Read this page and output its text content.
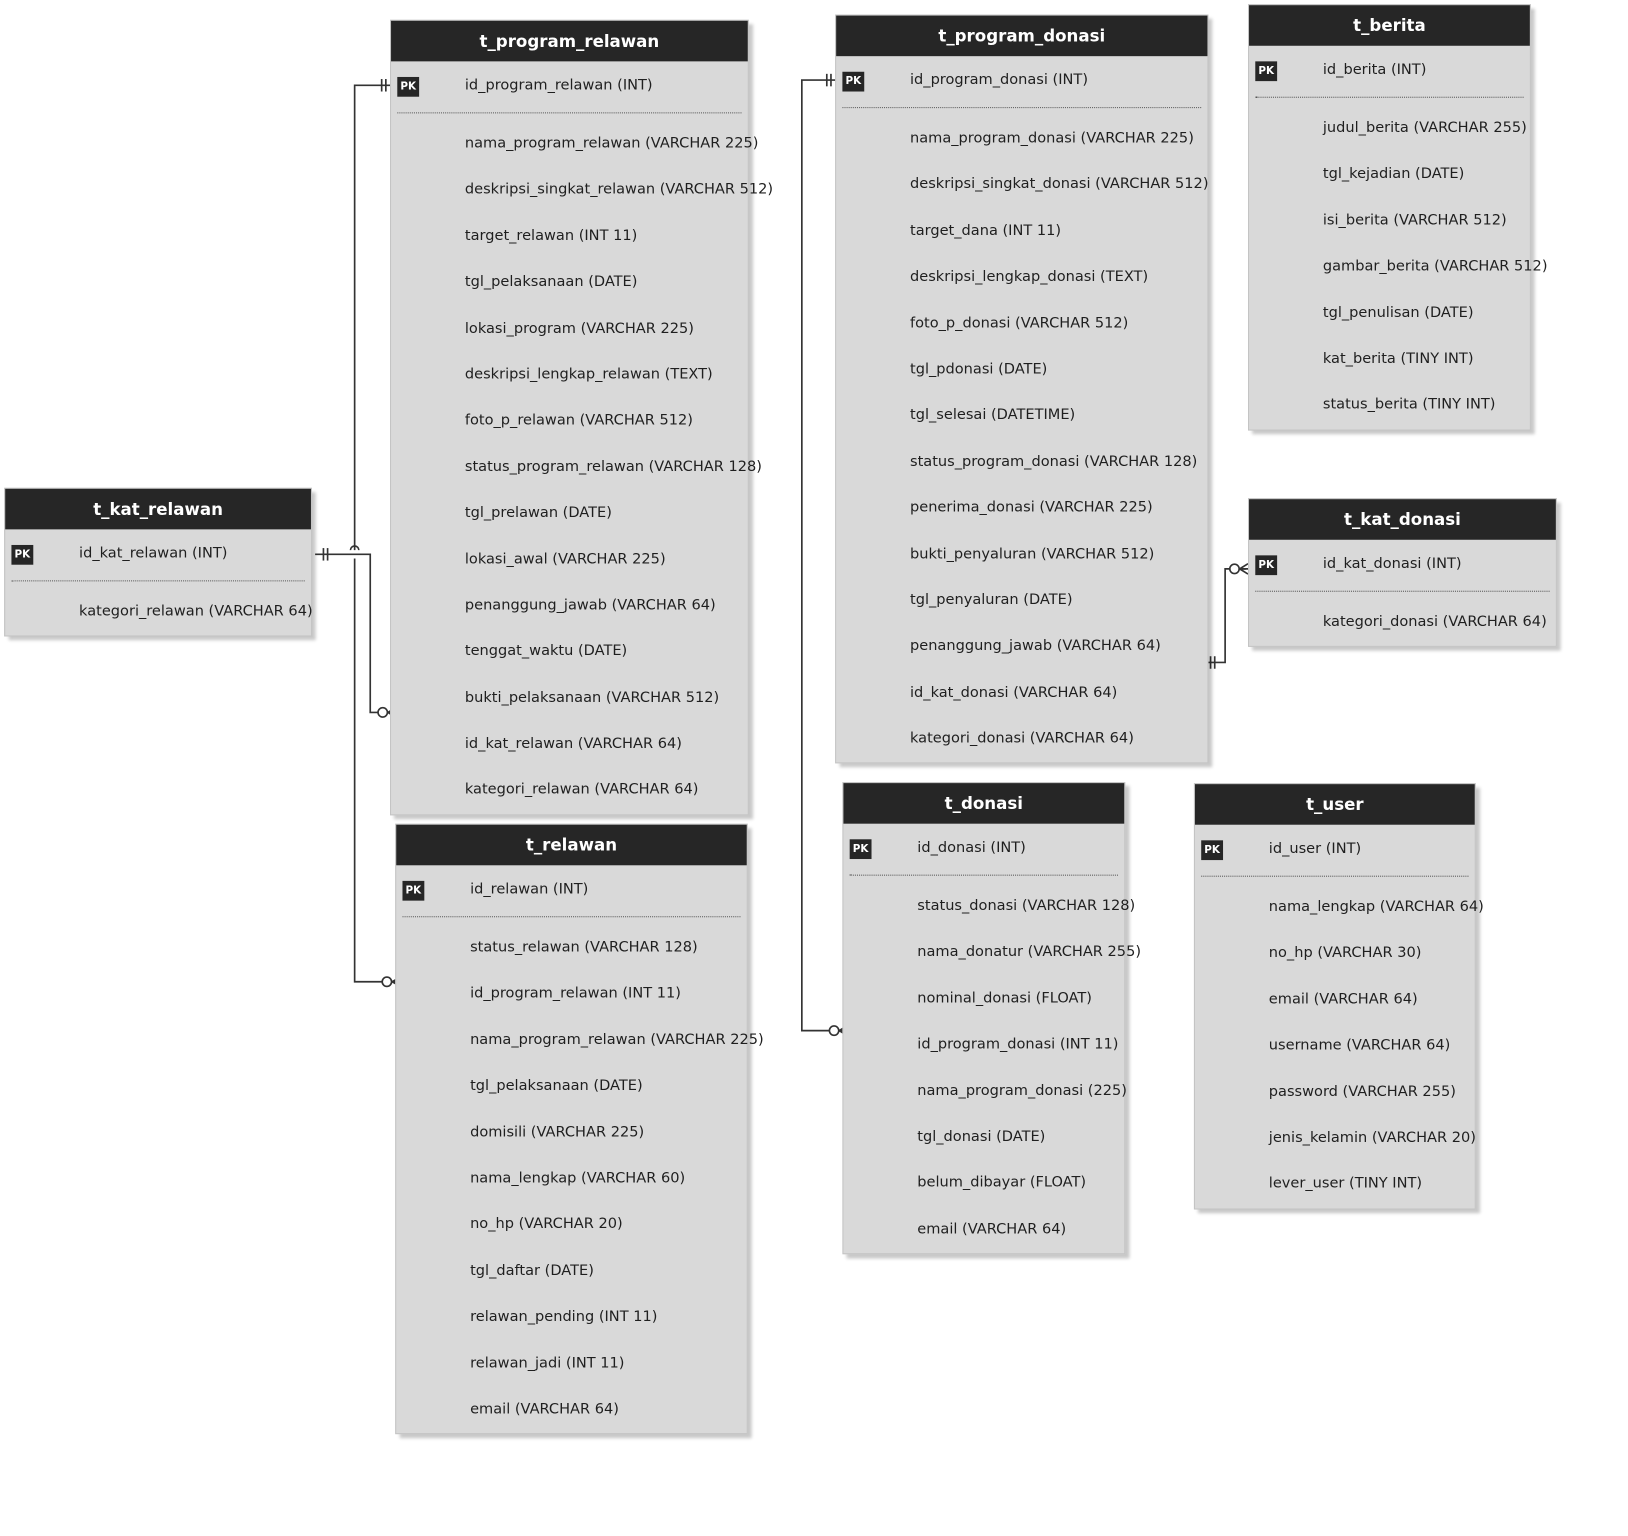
t_kat_relawan
PK	id_kat_relawan (INT)
kategori_relawan (VARCHAR 64)
t_program_relawan
PK	id_program_relawan (INT)
nama_program_relawan (VARCHAR 225)
deskripsi_singkat_relawan (VARCHAR 512)
target_relawan (INT 11)
tgl_pelaksanaan (DATE)
lokasi_program (VARCHAR 225)
deskripsi_lengkap_relawan (TEXT)
foto_p_relawan (VARCHAR 512)
status_program_relawan (VARCHAR 128)
tgl_prelawan (DATE)
lokasi_awal (VARCHAR 225)
penanggung_jawab (VARCHAR 64)
tenggat_waktu (DATE)
bukti_pelaksanaan (VARCHAR 512)
id_kat_relawan (VARCHAR 64)
kategori_relawan (VARCHAR 64)
t_relawan
PK	id_relawan (INT)
status_relawan (VARCHAR 128)
id_program_relawan (INT 11)
nama_program_relawan (VARCHAR 225)
tgl_pelaksanaan (DATE)
domisili (VARCHAR 225)
nama_lengkap (VARCHAR 60)
no_hp (VARCHAR 20)
tgl_daftar (DATE)
relawan_pending (INT 11)
relawan_jadi (INT 11)
email (VARCHAR 64)
t_program_donasi
PK	id_program_donasi (INT)
nama_program_donasi (VARCHAR 225)
deskripsi_singkat_donasi (VARCHAR 512)
target_dana (INT 11)
deskripsi_lengkap_donasi (TEXT)
foto_p_donasi (VARCHAR 512)
tgl_pdonasi (DATE)
tgl_selesai (DATETIME)
status_program_donasi (VARCHAR 128)
penerima_donasi (VARCHAR 225)
bukti_penyaluran (VARCHAR 512)
tgl_penyaluran (DATE)
penanggung_jawab (VARCHAR 64)
id_kat_donasi (VARCHAR 64)
kategori_donasi (VARCHAR 64)
t_donasi
PK	id_donasi (INT)
status_donasi (VARCHAR 128)
nama_donatur (VARCHAR 255)
nominal_donasi (FLOAT)
id_program_donasi (INT 11)
nama_program_donasi (225)
tgl_donasi (DATE)
belum_dibayar (FLOAT)
email (VARCHAR 64)
t_berita
PK	id_berita (INT)
judul_berita (VARCHAR 255)
tgl_kejadian (DATE)
isi_berita (VARCHAR 512)
gambar_berita (VARCHAR 512)
tgl_penulisan (DATE)
kat_berita (TINY INT)
status_berita (TINY INT)
t_kat_donasi
PK	id_kat_donasi (INT)
kategori_donasi (VARCHAR 64)
t_user
PK	id_user (INT)
nama_lengkap (VARCHAR 64)
no_hp (VARCHAR 30)
email (VARCHAR 64)
username (VARCHAR 64)
password (VARCHAR 255)
jenis_kelamin (VARCHAR 20)
lever_user (TINY INT)
